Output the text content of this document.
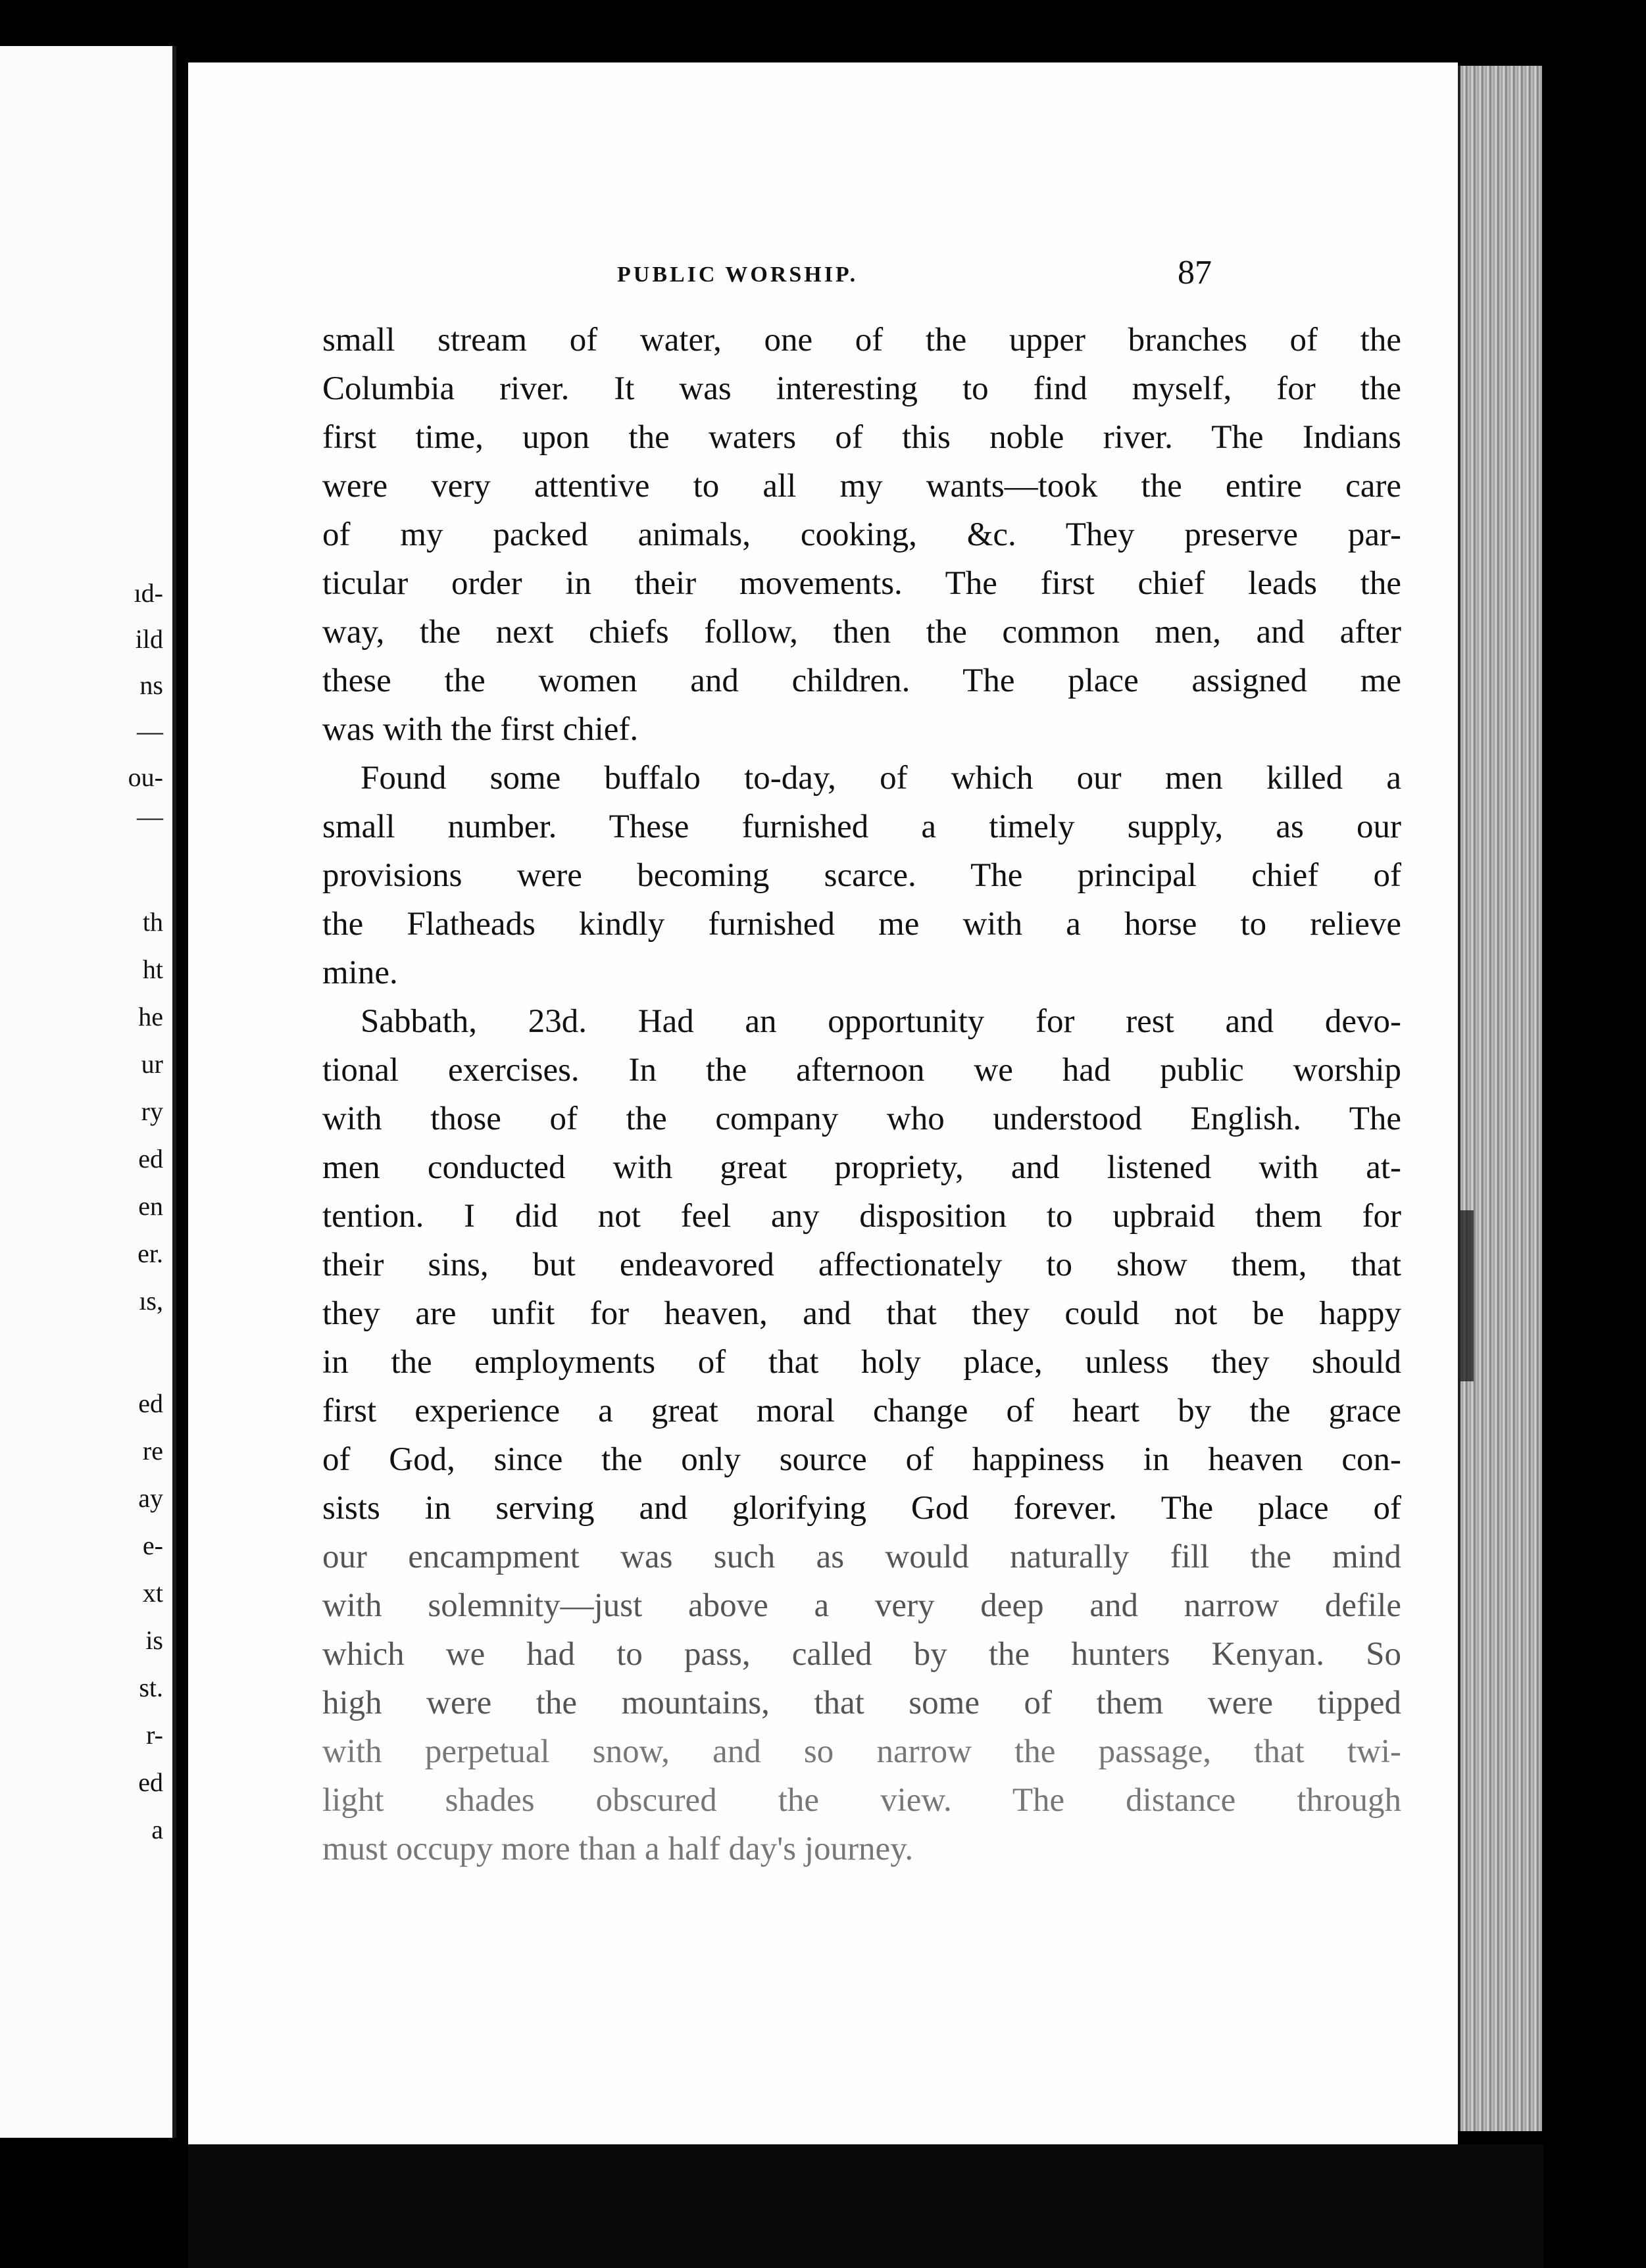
ıd-
ild
ns
—
ou-
—
th
ht
he
ur
ry
ed
en
er.
ıs,
ed
re
ay
e-
xt
is
st.
r-
ed
a
PUBLIC WORSHIP.	87
small stream of water, one of the upper branches of the
Columbia river. It was interesting to find myself, for the
first time, upon the waters of this noble river. The Indians
were very attentive to all my wants—took the entire care
of my packed animals, cooking, &c. They preserve par-
ticular order in their movements. The first chief leads the
way, the next chiefs follow, then the common men, and after
these the women and children. The place assigned me
was with the first chief.
Found some buffalo to-day, of which our men killed a
small number. These furnished a timely supply, as our
provisions were becoming scarce. The principal chief of
the Flatheads kindly furnished me with a horse to relieve
mine.
Sabbath, 23d. Had an opportunity for rest and devo-
tional exercises. In the afternoon we had public worship
with those of the company who understood English. The
men conducted with great propriety, and listened with at-
tention. I did not feel any disposition to upbraid them for
their sins, but endeavored affectionately to show them, that
they are unfit for heaven, and that they could not be happy
in the employments of that holy place, unless they should
first experience a great moral change of heart by the grace
of God, since the only source of happiness in heaven con-
sists in serving and glorifying God forever. The place of
our encampment was such as would naturally fill the mind
with solemnity—just above a very deep and narrow defile
which we had to pass, called by the hunters Kenyan. So
high were the mountains, that some of them were tipped
with perpetual snow, and so narrow the passage, that twi-
light shades obscured the view. The distance through
must occupy more than a half day's journey.
